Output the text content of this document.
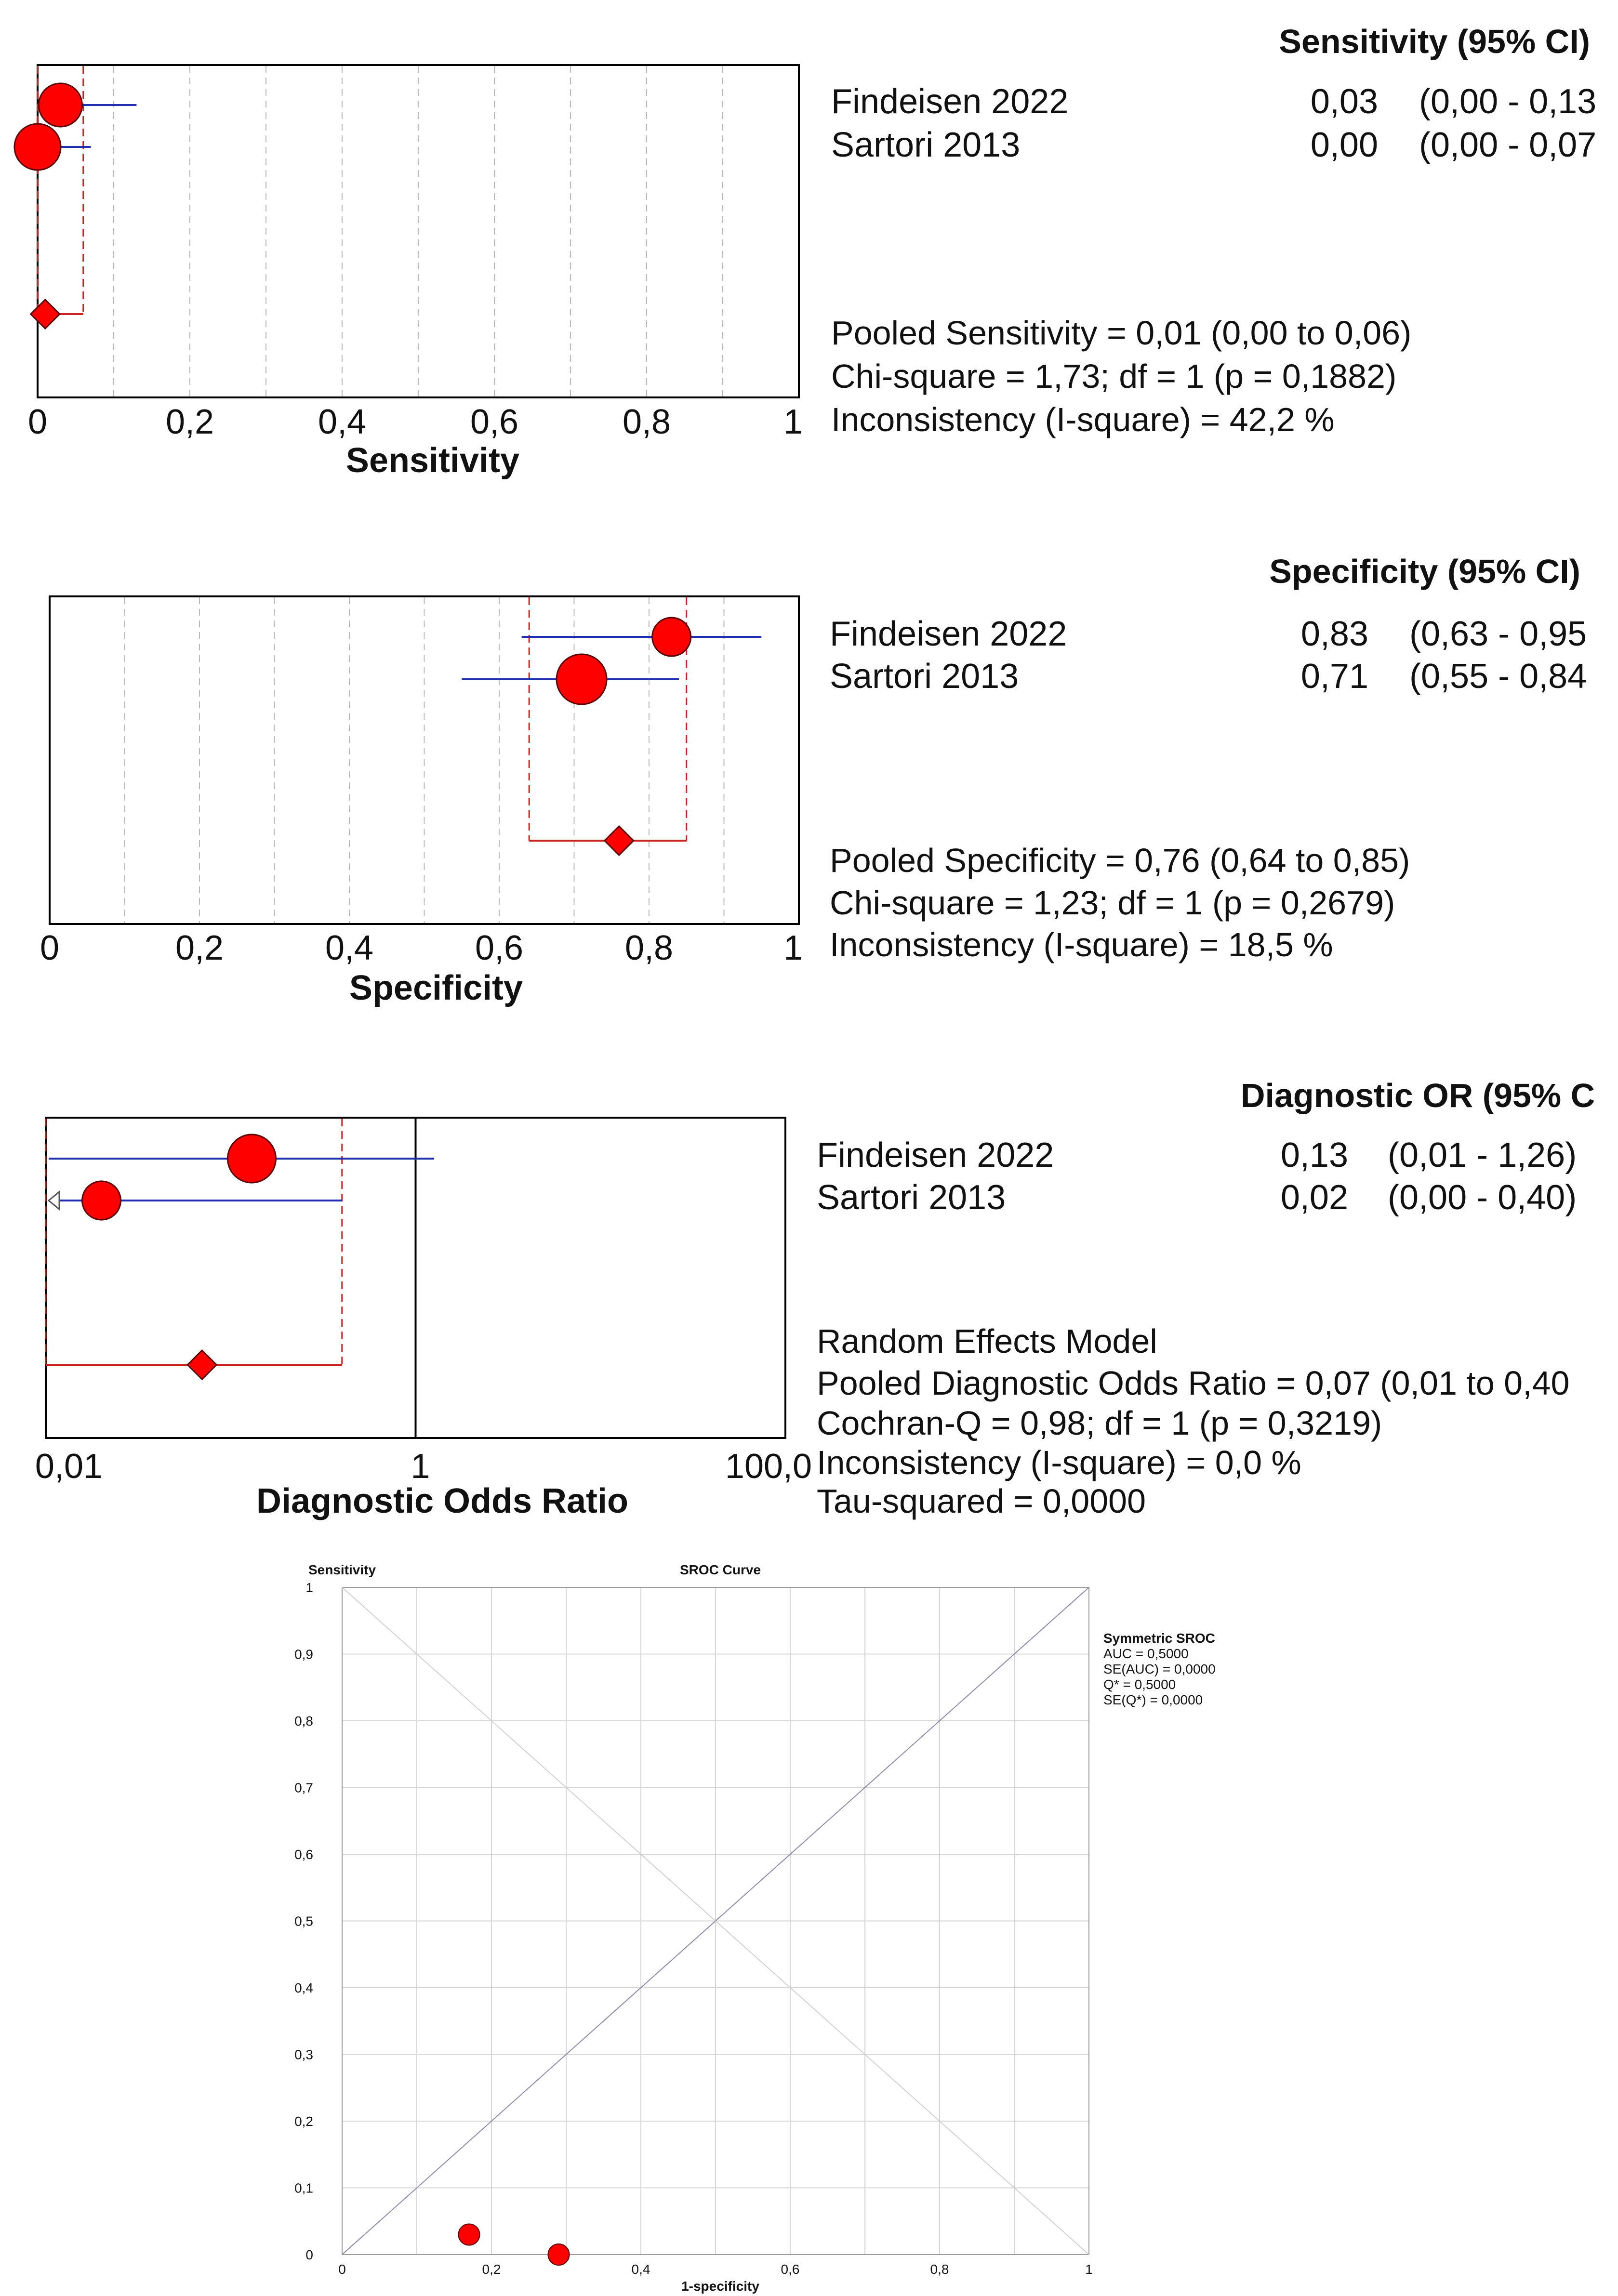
0	0,2	0,4	0,6	0,8	1
Sensitivity
Sensitivity (95% CI)
Findeisen 2022	0,03 (0,00 - 0,13
Sartori 2013	0,00 (0,00 - 0,07
Pooled Sensitivity = 0,01 (0,00 to 0,06)
Chi-square = 1,73; df = 1 (p = 0,1882)
Inconsistency (I-square) = 42,2 %
0	0,2	0,4	0,6	0,8	1
Specificity
Specificity (95% CI)
Findeisen 2022	0,83 (0,63 - 0,95
Sartori 2013	0,71 (0,55 - 0,84
Pooled Specificity = 0,76 (0,64 to 0,85)
Chi-square = 1,23; df = 1 (p = 0,2679)
Inconsistency (I-square) = 18,5 %
0,01	1	100,0
Diagnostic Odds Ratio
Diagnostic OR (95% C
Findeisen 2022	0,13 (0,01 - 1,26)
Sartori 2013	0,02 (0,00 - 0,40)
Random Effects Model
Pooled Diagnostic Odds Ratio = 0,07 (0,01 to 0,40
Cochran-Q = 0,98; df = 1 (p = 0,3219)
Inconsistency (I-square) = 0,0 %
Tau-squared = 0,0000
0	0,2	0,4	0,6	0,8	1
0
0,1
0,2
0,3
0,4
0,5
0,6
0,7
0,8
0,9
1
Sensitivity	SROC Curve
1-specificity
Symmetric SROC
AUC = 0,5000
SE(AUC) = 0,0000
Q* = 0,5000
SE(Q*) = 0,0000
